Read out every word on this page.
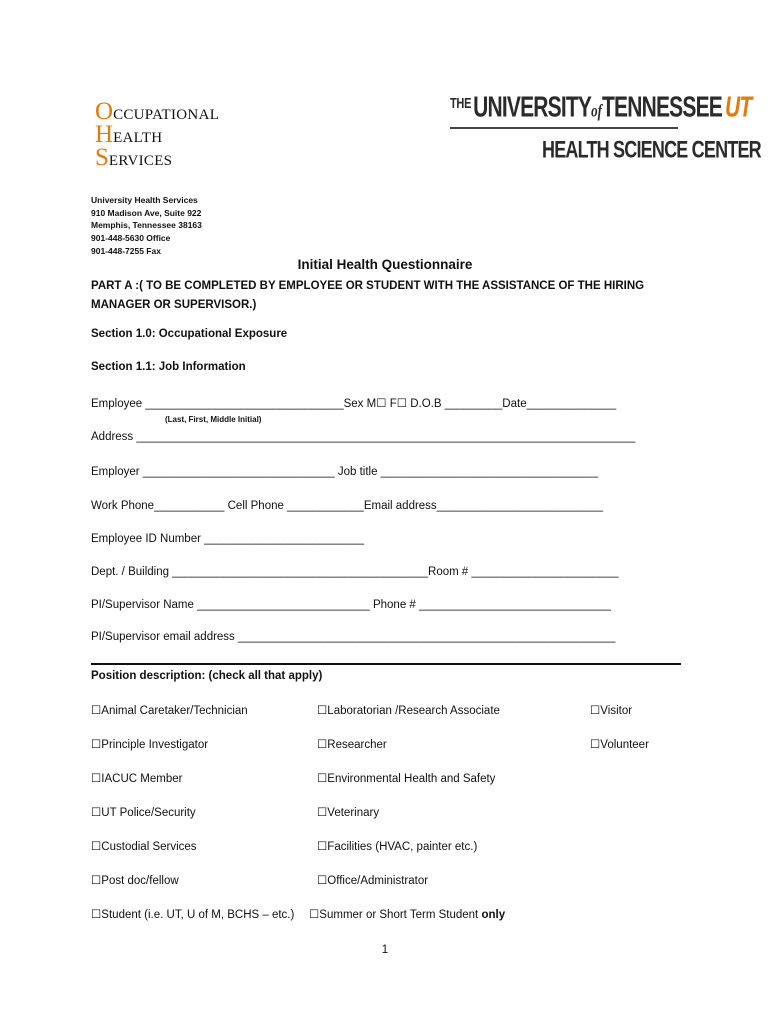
OCCUPATIONAL
HEALTH
SERVICES
$^{THE}$UNIVERSITYofTENNESSEE UT
HEALTH SCIENCE CENTER
University Health Services
910 Madison Ave, Suite 922
Memphis, Tennessee 38163
901-448-5630 Office
901-448-7255 Fax
Initial Health Questionnaire
PART A :( TO BE COMPLETED BY EMPLOYEE OR STUDENT WITH THE ASSISTANCE OF THE HIRING MANAGER OR SUPERVISOR.)
Section 1.0: Occupational Exposure
Section 1.1: Job Information
Employee _______________________________Sex M☐ F☐ D.O.B _________Date______________
(Last, First, Middle Initial)
Address ______________________________________________________________________________
Employer ______________________________ Job title __________________________________
Work Phone___________ Cell Phone ____________Email address__________________________
Employee ID Number _________________________
Dept. / Building ________________________________________Room # _______________________
PI/Supervisor Name ___________________________ Phone # ______________________________
PI/Supervisor email address ___________________________________________________________
Position description: (check all that apply)
☐Animal Caretaker/Technician
☐Principle Investigator
☐IACUC Member
☐UT Police/Security
☐Custodial Services
☐Post doc/fellow
☐Student (i.e. UT, U of M, BCHS – etc.)
☐Laboratorian /Research Associate
☐Researcher
☐Environmental Health and Safety
☐Veterinary
☐Facilities (HVAC, painter etc.)
☐Office/Administrator
☐Summer or Short Term Student only
☐Visitor
☐Volunteer
1
